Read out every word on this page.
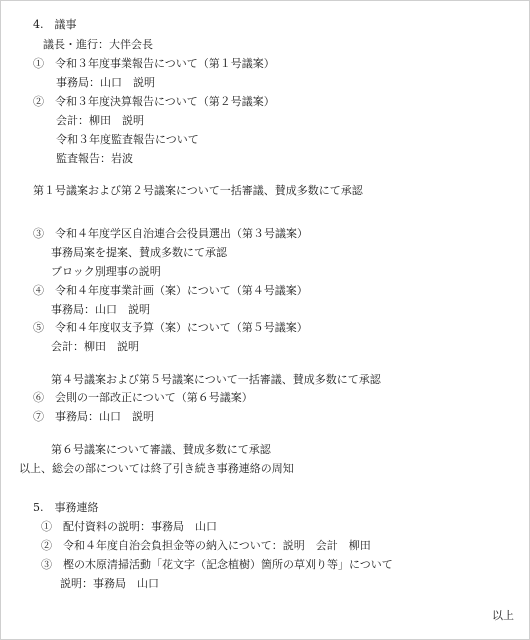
4.　議事
議長・進行：大伴会長
①　令和３年度事業報告について（第１号議案）
事務局：山口　説明
②　令和３年度決算報告について（第２号議案）
会計：柳田　説明
令和３年度監査報告について
監査報告：岩波
第１号議案および第２号議案について一括審議、賛成多数にて承認
③　令和４年度学区自治連合会役員選出（第３号議案）
事務局案を提案、賛成多数にて承認
ブロック別理事の説明
④　令和４年度事業計画（案）について（第４号議案）
事務局：山口　説明
⑤　令和４年度収支予算（案）について（第５号議案）
会計：柳田　説明
第４号議案および第５号議案について一括審議、賛成多数にて承認
⑥　会則の一部改正について（第６号議案）
⑦　事務局：山口　説明
第６号議案について審議、賛成多数にて承認
以上、総会の部については終了引き続き事務連絡の周知
5.　事務連絡
①　配付資料の説明：事務局　山口
②　令和４年度自治会負担金等の納入について：説明　会計　柳田
③　樫の木原清掃活動「花文字（記念植樹）箇所の草刈り等」について
説明：事務局　山口
以上
